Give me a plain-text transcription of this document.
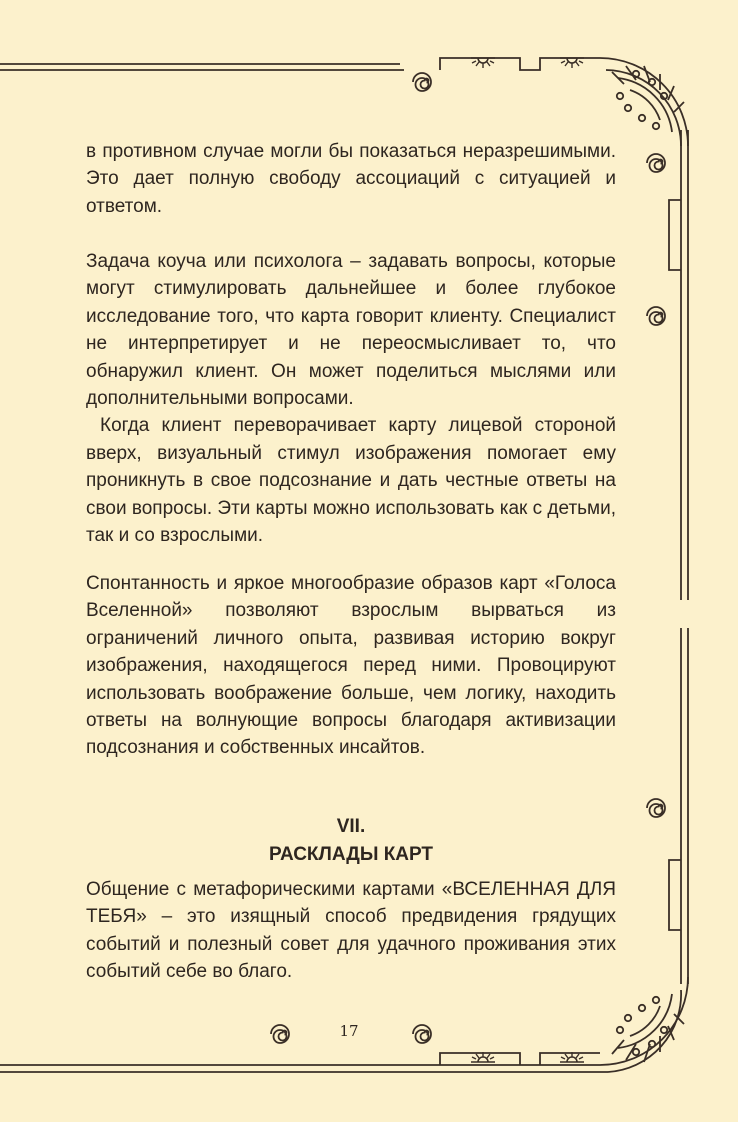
в противном случае могли бы показаться неразрешимыми. Это дает полную свободу ассоциаций с ситуацией и ответом.

Задача коуча или психолога – задавать вопросы, которые могут стимулировать дальнейшее и более глубокое исследование того, что карта говорит клиенту. Специалист не интерпретирует и не переосмысливает то, что обнаружил клиент. Он может поделиться мыслями или дополнительными вопросами.

Когда клиент переворачивает карту лицевой стороной вверх, визуальный стимул изображения помогает ему проникнуть в свое подсознание и дать честные ответы на свои вопросы. Эти карты можно использовать как с детьми, так и со взрослыми.

Спонтанность и яркое многообразие образов карт «Голоса Вселенной» позволяют взрослым вырваться из ограничений личного опыта, развивая историю вокруг изображения, находящегося перед ними. Провоцируют использовать воображение больше, чем логику, находить ответы на волнующие вопросы благодаря активизации подсознания и собственных инсайтов.

VII.
РАСКЛАДЫ КАРТ

Общение с метафорическими картами «ВСЕЛЕННАЯ ДЛЯ ТЕБЯ» – это изящный способ предвидения грядущих событий и полезный совет для удачного проживания этих событий себе во благо.

17
